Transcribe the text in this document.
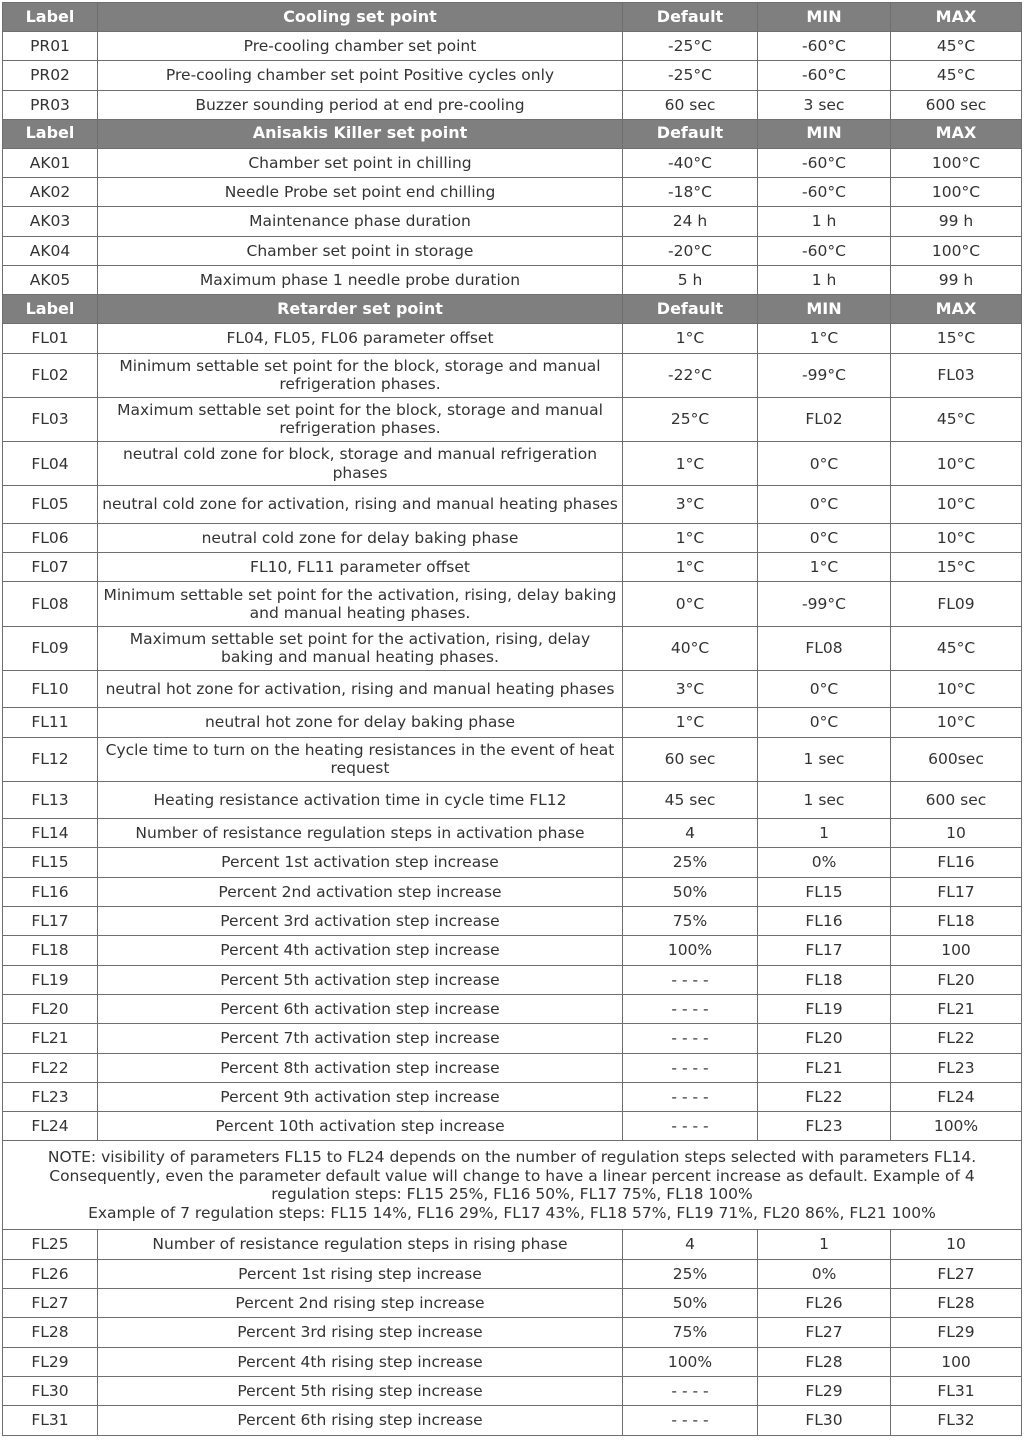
Label	Cooling set point	Default	MIN	MAX
PR01	Pre-cooling chamber set point	-25°C	-60°C	45°C
PR02	Pre-cooling chamber set point Positive cycles only	-25°C	-60°C	45°C
PR03	Buzzer sounding period at end pre-cooling	60 sec	3 sec	600 sec
Label	Anisakis Killer set point	Default	MIN	MAX
AK01	Chamber set point in chilling	-40°C	-60°C	100°C
AK02	Needle Probe set point end chilling	-18°C	-60°C	100°C
AK03	Maintenance phase duration	24 h	1 h	99 h
AK04	Chamber set point in storage	-20°C	-60°C	100°C
AK05	Maximum phase 1 needle probe duration	5 h	1 h	99 h
Label	Retarder set point	Default	MIN	MAX
FL01	FL04, FL05, FL06 parameter offset	1°C	1°C	15°C
FL02	Minimum settable set point for the block, storage and manual refrigeration phases.	-22°C	-99°C	FL03
FL03	Maximum settable set point for the block, storage and manual refrigeration phases.	25°C	FL02	45°C
FL04	neutral cold zone for block, storage and manual refrigeration phases	1°C	0°C	10°C
FL05	neutral cold zone for activation, rising and manual heating phases	3°C	0°C	10°C
FL06	neutral cold zone for delay baking phase	1°C	0°C	10°C
FL07	FL10, FL11 parameter offset	1°C	1°C	15°C
FL08	Minimum settable set point for the activation, rising, delay baking and manual heating phases.	0°C	-99°C	FL09
FL09	Maximum settable set point for the activation, rising, delay baking and manual heating phases.	40°C	FL08	45°C
FL10	neutral hot zone for activation, rising and manual heating phases	3°C	0°C	10°C
FL11	neutral hot zone for delay baking phase	1°C	0°C	10°C
FL12	Cycle time to turn on the heating resistances in the event of heat request	60 sec	1 sec	600sec
FL13	Heating resistance activation time in cycle time FL12	45 sec	1 sec	600 sec
FL14	Number of resistance regulation steps in activation phase	4	1	10
FL15	Percent 1st activation step increase	25%	0%	FL16
FL16	Percent 2nd activation step increase	50%	FL15	FL17
FL17	Percent 3rd activation step increase	75%	FL16	FL18
FL18	Percent 4th activation step increase	100%	FL17	100
FL19	Percent 5th activation step increase	- - - -	FL18	FL20
FL20	Percent 6th activation step increase	- - - -	FL19	FL21
FL21	Percent 7th activation step increase	- - - -	FL20	FL22
FL22	Percent 8th activation step increase	- - - -	FL21	FL23
FL23	Percent 9th activation step increase	- - - -	FL22	FL24
FL24	Percent 10th activation step increase	- - - -	FL23	100%

NOTE: visibility of parameters FL15 to FL24 depends on the number of regulation steps selected with parameters FL14.
Consequently, even the parameter default value will change to have a linear percent increase as default. Example of 4 regulation steps: FL15 25%, FL16 50%, FL17 75%, FL18 100%
Example of 7 regulation steps: FL15 14%, FL16 29%, FL17 43%, FL18 57%, FL19 71%, FL20 86%, FL21 100%				

FL25	Number of resistance regulation steps in rising phase	4	1	10
FL26	Percent 1st rising step increase	25%	0%	FL27
FL27	Percent 2nd rising step increase	50%	FL26	FL28
FL28	Percent 3rd rising step increase	75%	FL27	FL29
FL29	Percent 4th rising step increase	100%	FL28	100
FL30	Percent 5th rising step increase	- - - -	FL29	FL31
FL31	Percent 6th rising step increase	- - - -	FL30	FL32
